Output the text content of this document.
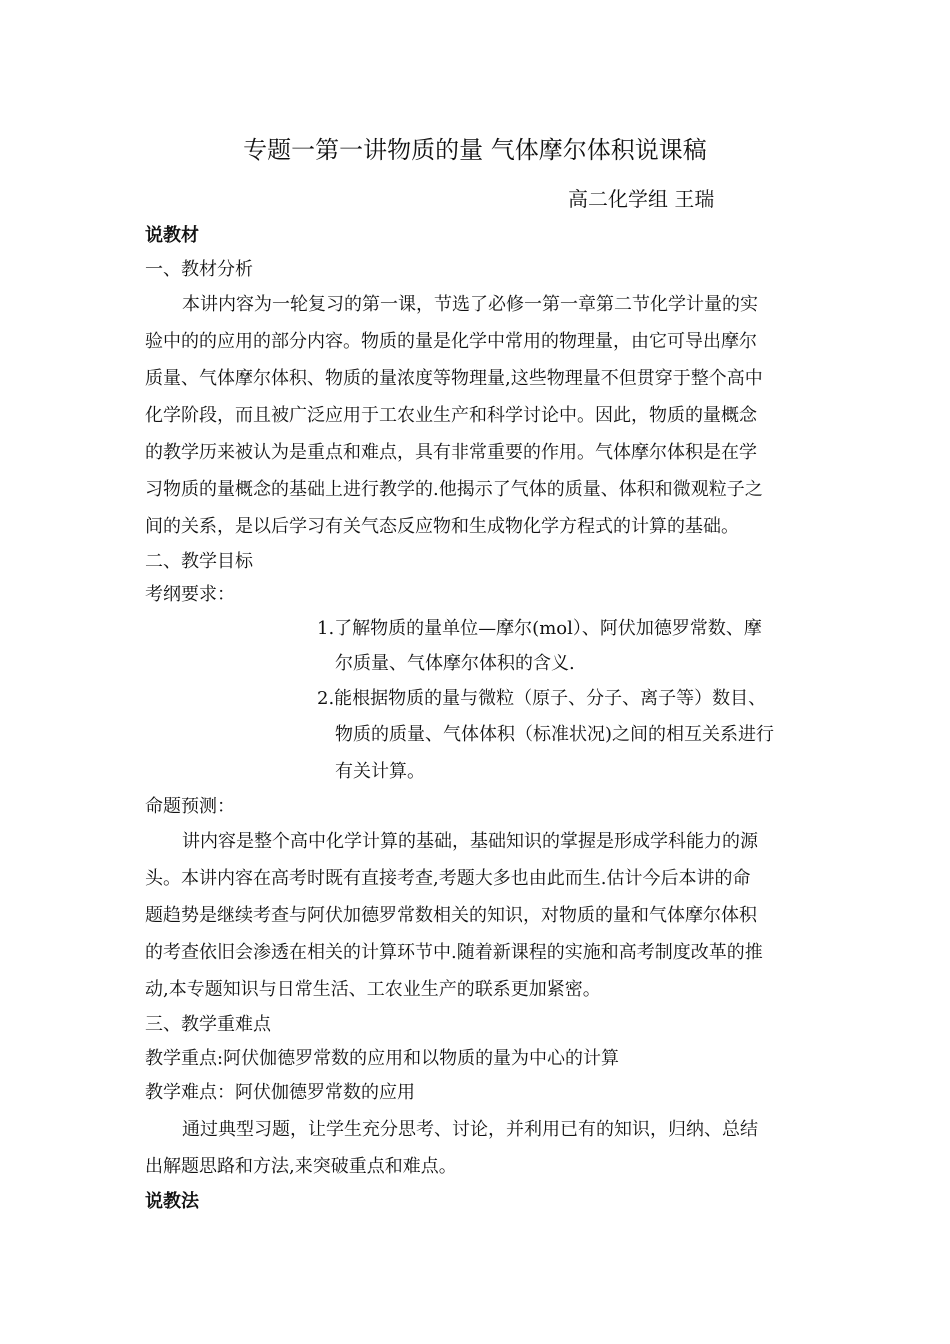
专题一第一讲物质的量 气体摩尔体积说课稿
高二化学组 王瑞
说教材
一、教材分析
本讲内容为一轮复习的第一课，节选了必修一第一章第二节化学计量的实
验中的的应用的部分内容。物质的量是化学中常用的物理量，由它可导出摩尔
质量、气体摩尔体积、物质的量浓度等物理量,这些物理量不但贯穿于整个高中
化学阶段，而且被广泛应用于工农业生产和科学讨论中。因此，物质的量概念
的教学历来被认为是重点和难点，具有非常重要的作用。气体摩尔体积是在学
习物质的量概念的基础上进行教学的.他揭示了气体的质量、体积和微观粒子之
间的关系，是以后学习有关气态反应物和生成物化学方程式的计算的基础。
二、教学目标
考纲要求：
1.了解物质的量单位—摩尔(mol）、阿伏加德罗常数、摩
尔质量、气体摩尔体积的含义.
2.能根据物质的量与微粒（原子、分子、离子等）数目、
物质的质量、气体体积（标准状况)之间的相互关系进行
有关计算。
命题预测：
讲内容是整个高中化学计算的基础，基础知识的掌握是形成学科能力的源
头。本讲内容在高考时既有直接考查,考题大多也由此而生.估计今后本讲的命
题趋势是继续考查与阿伏加德罗常数相关的知识，对物质的量和气体摩尔体积
的考查依旧会渗透在相关的计算环节中.随着新课程的实施和高考制度改革的推
动,本专题知识与日常生活、工农业生产的联系更加紧密。
三、教学重难点
教学重点:阿伏伽德罗常数的应用和以物质的量为中心的计算
教学难点：阿伏伽德罗常数的应用
通过典型习题，让学生充分思考、讨论，并利用已有的知识，归纳、总结
出解题思路和方法,来突破重点和难点。
说教法
